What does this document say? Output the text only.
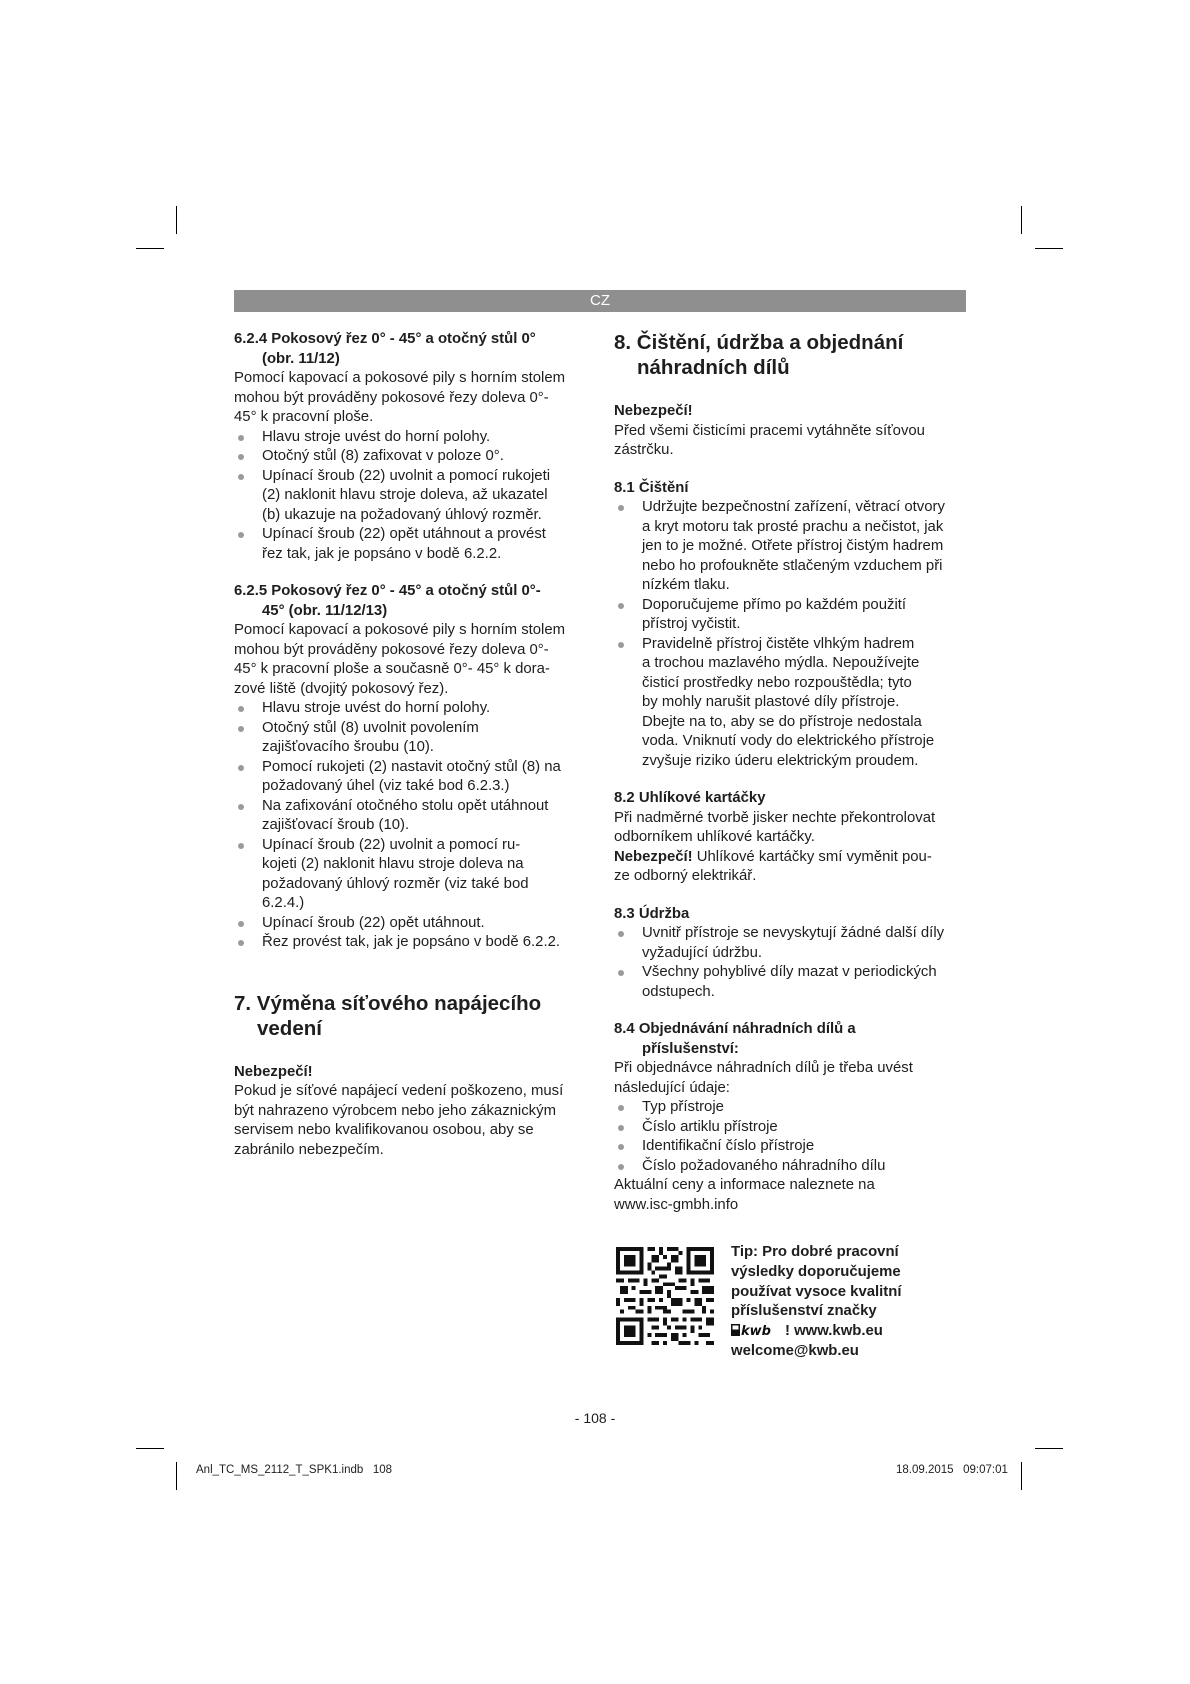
CZ
6.2.4 Pokosový řez 0° - 45° a otočný stůl 0°
(obr. 11/12)

Pomocí kapovací a pokosové pily s horním stolem
mohou být prováděny pokosové řezy doleva 0°-
45° k pracovní ploše.

Hlavu stroje uvést do horní polohy.
Otočný stůl (8) zafixovat v poloze 0°.
Upínací šroub (22) uvolnit a pomocí rukojeti
(2) naklonit hlavu stroje doleva, až ukazatel
(b) ukazuje na požadovaný úhlový rozměr.
Upínací šroub (22) opět utáhnout a provést
řez tak, jak je popsáno v bodě 6.2.2.
6.2.5 Pokosový řez 0° - 45° a otočný stůl 0°-
45° (obr. 11/12/13)

Pomocí kapovací a pokosové pily s horním stolem
mohou být prováděny pokosové řezy doleva 0°-
45° k pracovní ploše a současně 0°- 45° k dora-
zové liště (dvojitý pokosový řez).

Hlavu stroje uvést do horní polohy.
Otočný stůl (8) uvolnit povolením
zajišťovacího šroubu (10).
Pomocí rukojeti (2) nastavit otočný stůl (8) na
požadovaný úhel (viz také bod 6.2.3.)
Na zafixování otočného stolu opět utáhnout
zajišťovací šroub (10).
Upínací šroub (22) uvolnit a pomocí ru-
kojeti (2) naklonit hlavu stroje doleva na
požadovaný úhlový rozměr (viz také bod
6.2.4.)
Upínací šroub (22) opět utáhnout.
Řez provést tak, jak je popsáno v bodě 6.2.2.
7. Výměna síťového napájecího
vedení
Nebezpečí!

Pokud je síťové napájecí vedení poškozeno, musí
být nahrazeno výrobcem nebo jeho zákaznickým
servisem nebo kvalifikovanou osobou, aby se
zabránilo nebezpečím.

8. Čištění, údržba a objednání
náhradních dílů
Nebezpečí!

Před všemi čisticími pracemi vytáhněte síťovou
zástrčku.

8.1 Čištění
Udržujte bezpečnostní zařízení, větrací otvory
a kryt motoru tak prosté prachu a nečistot, jak
jen to je možné. Otřete přístroj čistým hadrem
nebo ho profoukněte stlačeným vzduchem při
nízkém tlaku.
Doporučujeme přímo po každém použití
přístroj vyčistit.
Pravidelně přístroj čistěte vlhkým hadrem
a trochou mazlavého mýdla. Nepoužívejte
čisticí prostředky nebo rozpouštědla; tyto
by mohly narušit plastové díly přístroje.
Dbejte na to, aby se do přístroje nedostala
voda. Vniknutí vody do elektrického přístroje
zvyšuje riziko úderu elektrickým proudem.
8.2 Uhlíkové kartáčky

Při nadměrné tvorbě jisker nechte překontrolovat
odborníkem uhlíkové kartáčky.
Nebezpečí! Uhlíkové kartáčky smí vyměnit pou-
ze odborný elektrikář.

8.3 Údržba
Uvnitř přístroje se nevyskytují žádné další díly
vyžadující údržbu.
Všechny pohyblivé díly mazat v periodických
odstupech.
8.4 Objednávání náhradních dílů a
příslušenství:

Při objednávce náhradních dílů je třeba uvést
následující údaje:

Typ přístroje
Číslo artiklu přístroje
Identifikační číslo přístroje
Číslo požadovaného náhradního dílu

Aktuální ceny a informace naleznete na
www.isc-gmbh.info

Tip: Pro dobré pracovní
výsledky doporučujeme
používat vysoce kvalitní
příslušenství značky

kwb ! www.kwb.eu
welcome@kwb.eu
- 108 -
Anl_TC_MS_2112_T_SPK1.indb   108	18.09.2015   09:07:01
